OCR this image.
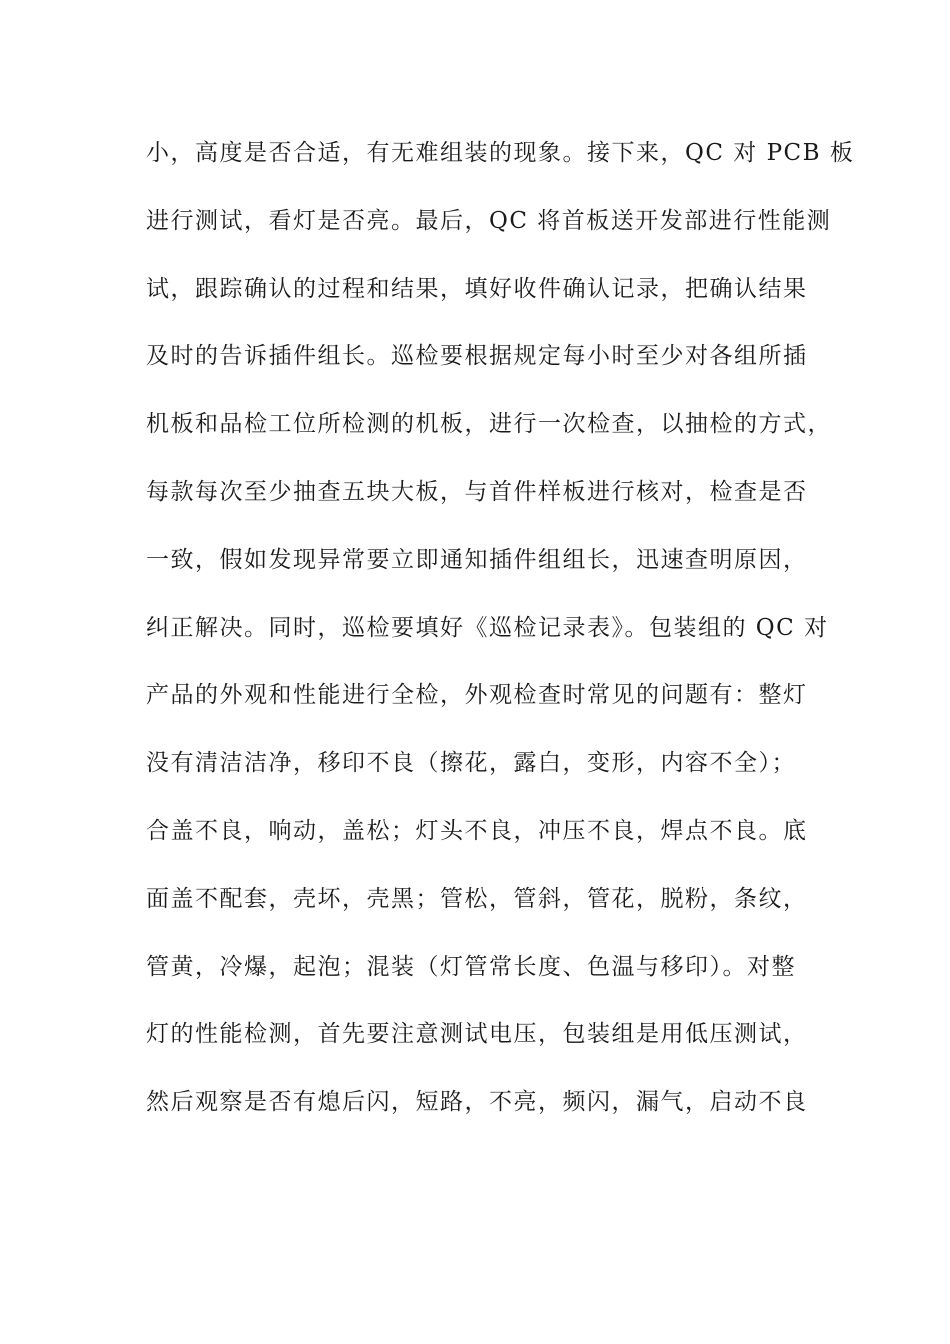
小，高度是否合适，有无难组装的现象。接下来，QC 对 PCB 板
进行测试，看灯是否亮。最后，QC 将首板送开发部进行性能测
试，跟踪确认的过程和结果，填好收件确认记录，把确认结果
及时的告诉插件组长。巡检要根据规定每小时至少对各组所插
机板和品检工位所检测的机板，进行一次检查，以抽检的方式，
每款每次至少抽查五块大板，与首件样板进行核对，检查是否
一致，假如发现异常要立即通知插件组组长，迅速查明原因，
纠正解决。同时，巡检要填好《巡检记录表》。包装组的 QC 对
产品的外观和性能进行全检，外观检查时常见的问题有：整灯
没有清洁洁净，移印不良（擦花，露白，变形，内容不全）；
合盖不良，响动，盖松；灯头不良，冲压不良，焊点不良。底
面盖不配套，壳坏，壳黑；管松，管斜，管花，脱粉，条纹，
管黄，冷爆，起泡；混装（灯管常长度、色温与移印）。对整
灯的性能检测，首先要注意测试电压，包装组是用低压测试，
然后观察是否有熄后闪，短路，不亮，频闪，漏气，启动不良
